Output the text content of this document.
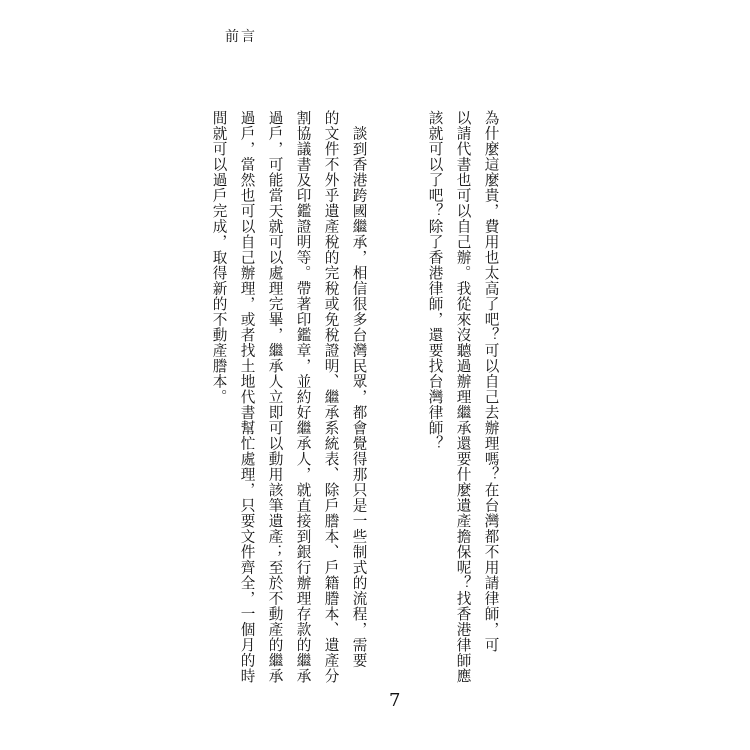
前言
為什麼這麼貴，費用也太高了吧？可以自己去辦理嗎？在台灣都不用請律師，可
以請代書也可以自己辦。我從來沒聽過辦理繼承還要什麼遺產擔保呢？找香港律師應
該就可以了吧？除了香港律師，還要找台灣律師？
　談到香港跨國繼承，相信很多台灣民眾，都會覺得那只是一些制式的流程，需要
的文件不外乎遺產稅的完稅或免稅證明、繼承系統表、除戶謄本、戶籍謄本、遺產分
割協議書及印鑑證明等。帶著印鑑章，並約好繼承人，就直接到銀行辦理存款的繼承
過戶，可能當天就可以處理完畢，繼承人立即可以動用該筆遺產；至於不動產的繼承
過戶，當然也可以自己辦理，或者找土地代書幫忙處理，只要文件齊全，一個月的時
間就可以過戶完成，取得新的不動產謄本。
7
